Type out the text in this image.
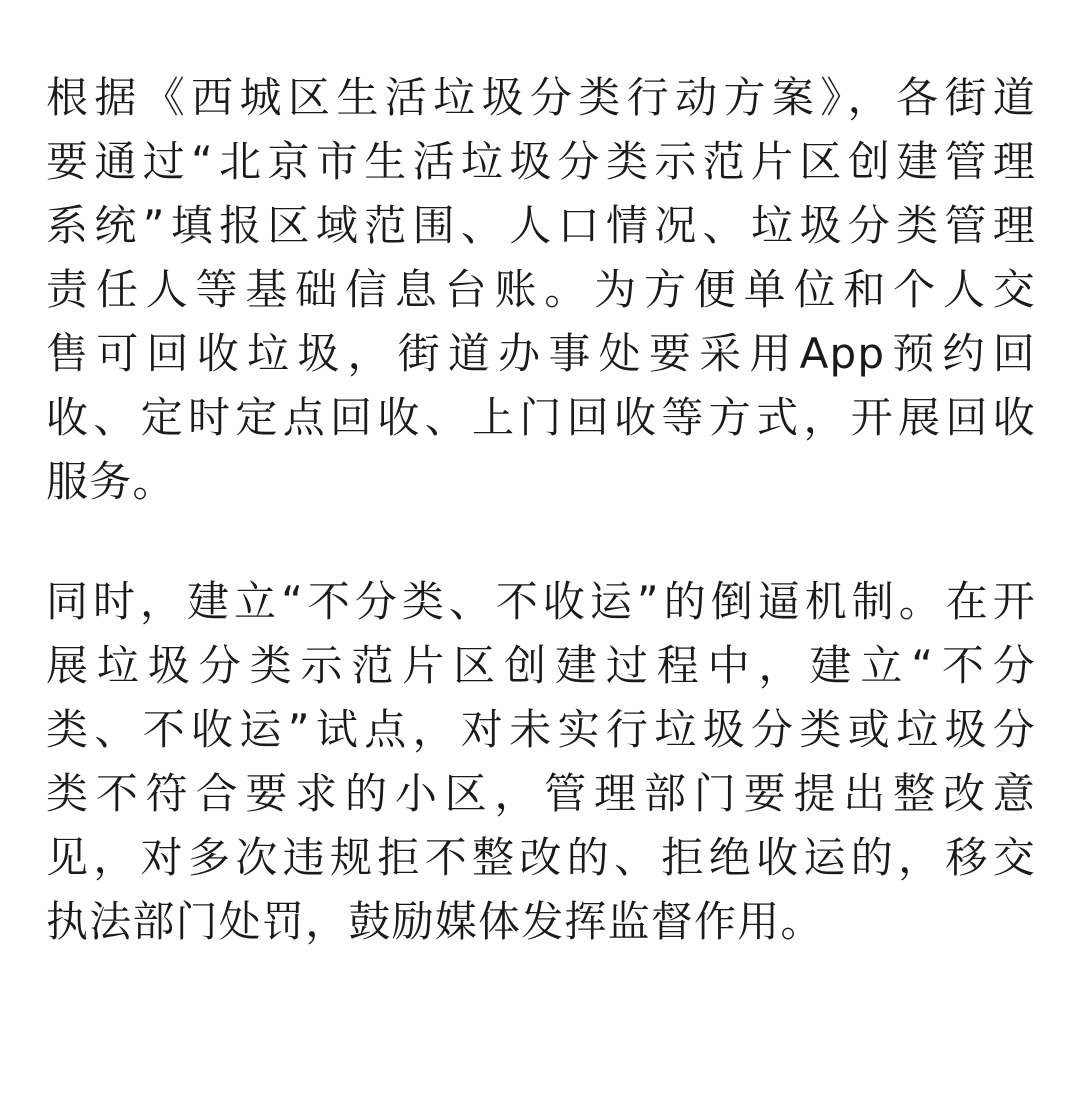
根据《西城区生活垃圾分类行动方案》，各街道
要通过“北京市生活垃圾分类示范片区创建管理
系统”填报区域范围、人口情况、垃圾分类管理
责任人等基础信息台账。为方便单位和个人交
售可回收垃圾，街道办事处要采用App预约回
收、定时定点回收、上门回收等方式，开展回收
服务。

同时，建立“不分类、不收运”的倒逼机制。在开
展垃圾分类示范片区创建过程中，建立“不分
类、不收运”试点，对未实行垃圾分类或垃圾分
类不符合要求的小区，管理部门要提出整改意
见，对多次违规拒不整改的、拒绝收运的，移交
执法部门处罚，鼓励媒体发挥监督作用。
